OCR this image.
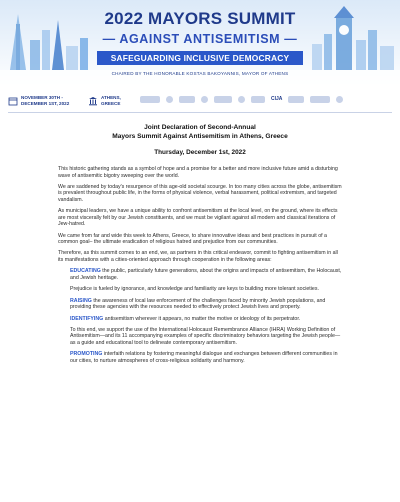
2022 MAYORS SUMMIT
— AGAINST ANTISEMITISM —
SAFEGUARDING INCLUSIVE DEMOCRACY
CHAIRED BY THE HONORABLE KOSTAS BAKOYANNIS, MAYOR OF ATHENS
NOVEMBER 30TH - DECEMBER 1ST, 2022
ATHENS,
GREECE
CIJA

Joint Declaration of Second-Annual
Mayors Summit Against Antisemitism in Athens, Greece

Thursday, December 1st, 2022

This historic gathering stands as a symbol of hope and a promise for a better and more inclusive future amid a disturbing wave of antisemitic bigotry sweeping over the world.

We are saddened by today's resurgence of this age-old societal scourge. In too many cities across the globe, antisemitism is prevalent throughout public life, in the forms of physical violence, verbal harassment, political extremism, and targeted vandalism.

As municipal leaders, we have a unique ability to confront antisemitism at the local level, on the ground, where its effects are most viscerally felt by our Jewish constituents, and we must be vigilant against all modern and classical iterations of Jew-hatred.

We came from far and wide this week to Athens, Greece, to share innovative ideas and best practices in pursuit of a common goal– the ultimate eradication of religious hatred and prejudice from our communities.

Therefore, as this summit comes to an end, we, as partners in this critical endeavor, commit to fighting antisemitism in all its manifestations with a cities-oriented approach through cooperation in the following areas:

EDUCATING the public, particularly future generations, about the origins and impacts of antisemitism, the Holocaust, and Jewish heritage.

Prejudice is fueled by ignorance, and knowledge and familiarity are keys to building more tolerant societies.

RAISING the awareness of local law enforcement of the challenges faced by minority Jewish populations, and providing these agencies with the resources needed to effectively protect Jewish lives and property.

IDENTIFYING antisemitism wherever it appears, no matter the motive or ideology of its perpetrator.

To this end, we support the use of the International Holocaust Remembrance Alliance (IHRA) Working Definition of Antisemitism—and its 11 accompanying examples of specific discriminatory behaviors targeting the Jewish people—as a guide and educational tool to delineate contemporary antisemitism.

PROMOTING interfaith relations by fostering meaningful dialogue and exchanges between different communities in our cities, to nurture atmospheres of cross-religious solidarity and harmony.
